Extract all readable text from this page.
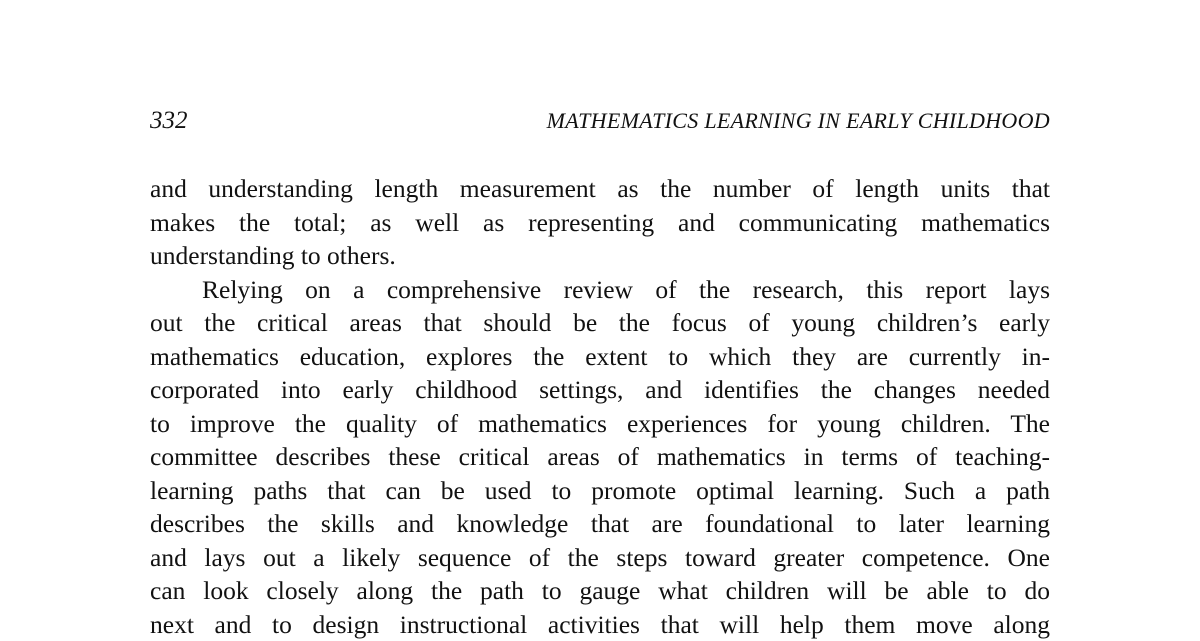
332	MATHEMATICS LEARNING IN EARLY CHILDHOOD
and understanding length measurement as the number of length units that
makes the total; as well as representing and communicating mathematics
understanding to others.
Relying on a comprehensive review of the research, this report lays
out the critical areas that should be the focus of young children’s early
mathematics education, explores the extent to which they are currently in-
corporated into early childhood settings, and identifies the changes needed
to improve the quality of mathematics experiences for young children. The
committee describes these critical areas of mathematics in terms of teaching-
learning paths that can be used to promote optimal learning. Such a path
describes the skills and knowledge that are foundational to later learning
and lays out a likely sequence of the steps toward greater competence. One
can look closely along the path to gauge what children will be able to do
next and to design instructional activities that will help them move along
